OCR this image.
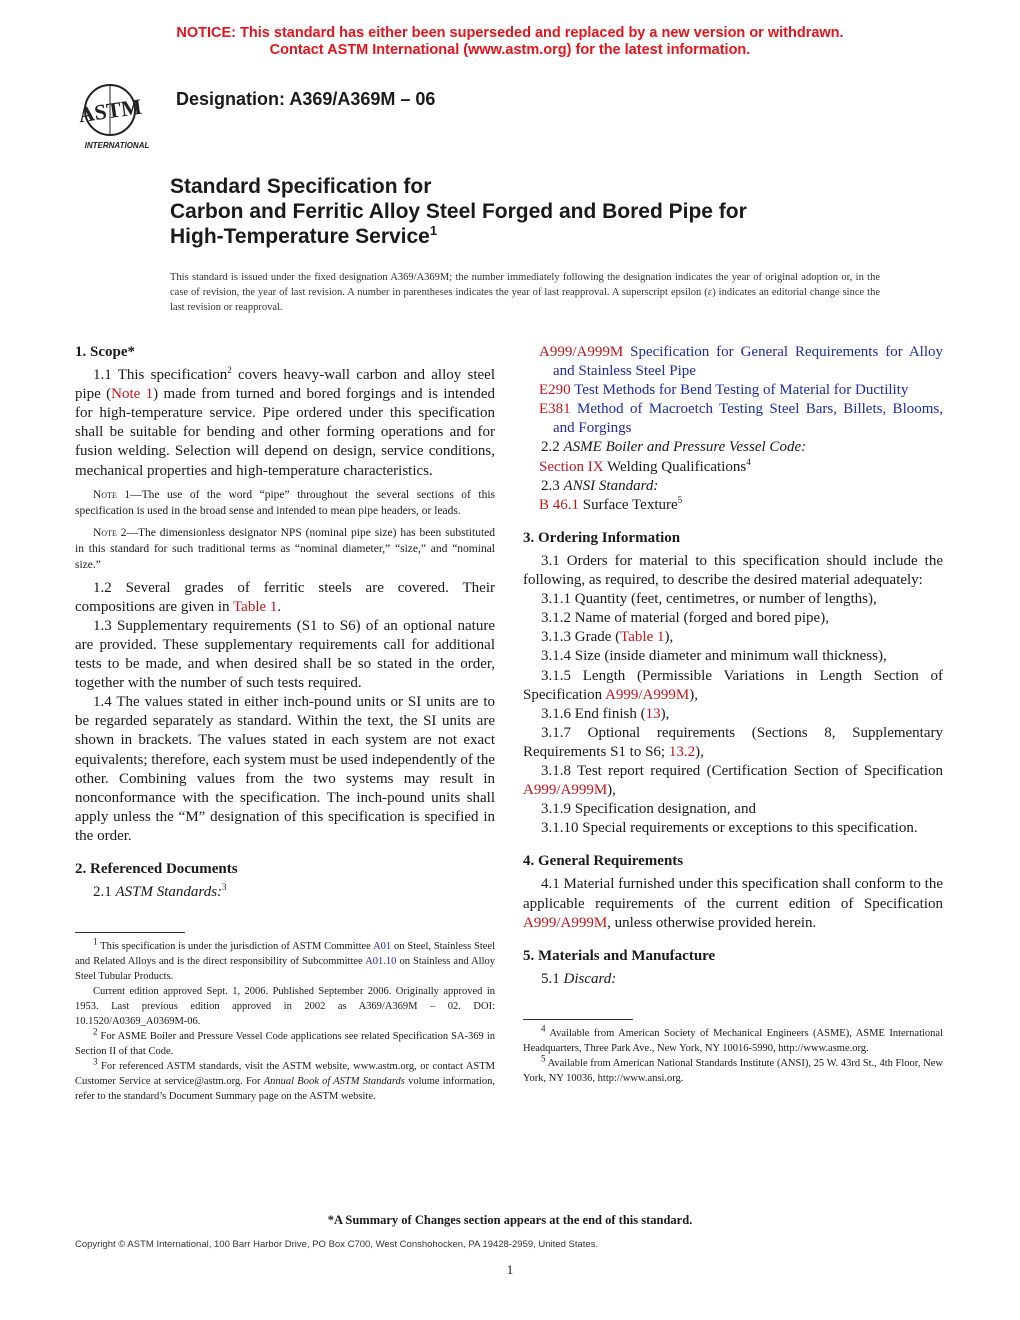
NOTICE: This standard has either been superseded and replaced by a new version or withdrawn.
Contact ASTM International (www.astm.org) for the latest information.
ASTM
INTERNATIONAL
Designation: A369/A369M – 06
Standard Specification for
Carbon and Ferritic Alloy Steel Forged and Bored Pipe for
High-Temperature Service$^1$
This standard is issued under the fixed designation A369/A369M; the number immediately following the designation indicates the year of original adoption or, in the case of revision, the year of last revision. A number in parentheses indicates the year of last reapproval. A superscript epsilon (ε) indicates an editorial change since the last revision or reapproval.

1. Scope*

1.1 This specification$^2$ covers heavy-wall carbon and alloy steel pipe (Note 1) made from turned and bored forgings and is intended for high-temperature service. Pipe ordered under this specification shall be suitable for bending and other forming operations and for fusion welding. Selection will depend on design, service conditions, mechanical properties and high-temperature characteristics.

Note 1—The use of the word “pipe” throughout the several sections of this specification is used in the broad sense and intended to mean pipe headers, or leads.

Note 2—The dimensionless designator NPS (nominal pipe size) has been substituted in this standard for such traditional terms as “nominal diameter,” “size,” and “nominal size.”

1.2 Several grades of ferritic steels are covered. Their compositions are given in Table 1.

1.3 Supplementary requirements (S1 to S6) of an optional nature are provided. These supplementary requirements call for additional tests to be made, and when desired shall be so stated in the order, together with the number of such tests required.

1.4 The values stated in either inch-pound units or SI units are to be regarded separately as standard. Within the text, the SI units are shown in brackets. The values stated in each system are not exact equivalents; therefore, each system must be used independently of the other. Combining values from the two systems may result in nonconformance with the specification. The inch-pound units shall apply unless the “M” designation of this specification is specified in the order.

2. Referenced Documents

2.1 ASTM Standards:$^3$

$^1$ This specification is under the jurisdiction of ASTM Committee A01 on Steel, Stainless Steel and Related Alloys and is the direct responsibility of Subcommittee A01.10 on Stainless and Alloy Steel Tubular Products.
Current edition approved Sept. 1, 2006. Published September 2006. Originally approved in 1953. Last previous edition approved in 2002 as A369/A369M – 02. DOI: 10.1520/A0369_A0369M-06.

$^2$ For ASME Boiler and Pressure Vessel Code applications see related Specification SA-369 in Section II of that Code.

$^3$ For referenced ASTM standards, visit the ASTM website, www.astm.org, or contact ASTM Customer Service at service@astm.org. For Annual Book of ASTM Standards volume information, refer to the standard’s Document Summary page on the ASTM website.

A999/A999M Specification for General Requirements for Alloy and Stainless Steel Pipe

E290 Test Methods for Bend Testing of Material for Ductility

E381 Method of Macroetch Testing Steel Bars, Billets, Blooms, and Forgings

2.2 ASME Boiler and Pressure Vessel Code:

Section IX Welding Qualifications$^4$

2.3 ANSI Standard:

B 46.1 Surface Texture$^5$

3. Ordering Information

3.1 Orders for material to this specification should include the following, as required, to describe the desired material adequately:

3.1.1 Quantity (feet, centimetres, or number of lengths),

3.1.2 Name of material (forged and bored pipe),

3.1.3 Grade (Table 1),

3.1.4 Size (inside diameter and minimum wall thickness),

3.1.5 Length (Permissible Variations in Length Section of Specification A999/A999M),

3.1.6 End finish (13),

3.1.7 Optional requirements (Sections 8, Supplementary Requirements S1 to S6; 13.2),

3.1.8 Test report required (Certification Section of Specification A999/A999M),

3.1.9 Specification designation, and

3.1.10 Special requirements or exceptions to this specification.

4. General Requirements

4.1 Material furnished under this specification shall conform to the applicable requirements of the current edition of Specification A999/A999M, unless otherwise provided herein.

5. Materials and Manufacture

5.1 Discard:

$^4$ Available from American Society of Mechanical Engineers (ASME), ASME International Headquarters, Three Park Ave., New York, NY 10016-5990, http://www.asme.org.

$^5$ Available from American National Standards Institute (ANSI), 25 W. 43rd St., 4th Floor, New York, NY 10036, http://www.ansi.org.

*A Summary of Changes section appears at the end of this standard.
Copyright © ASTM International, 100 Barr Harbor Drive, PO Box C700, West Conshohocken, PA 19428-2959, United States.
1
